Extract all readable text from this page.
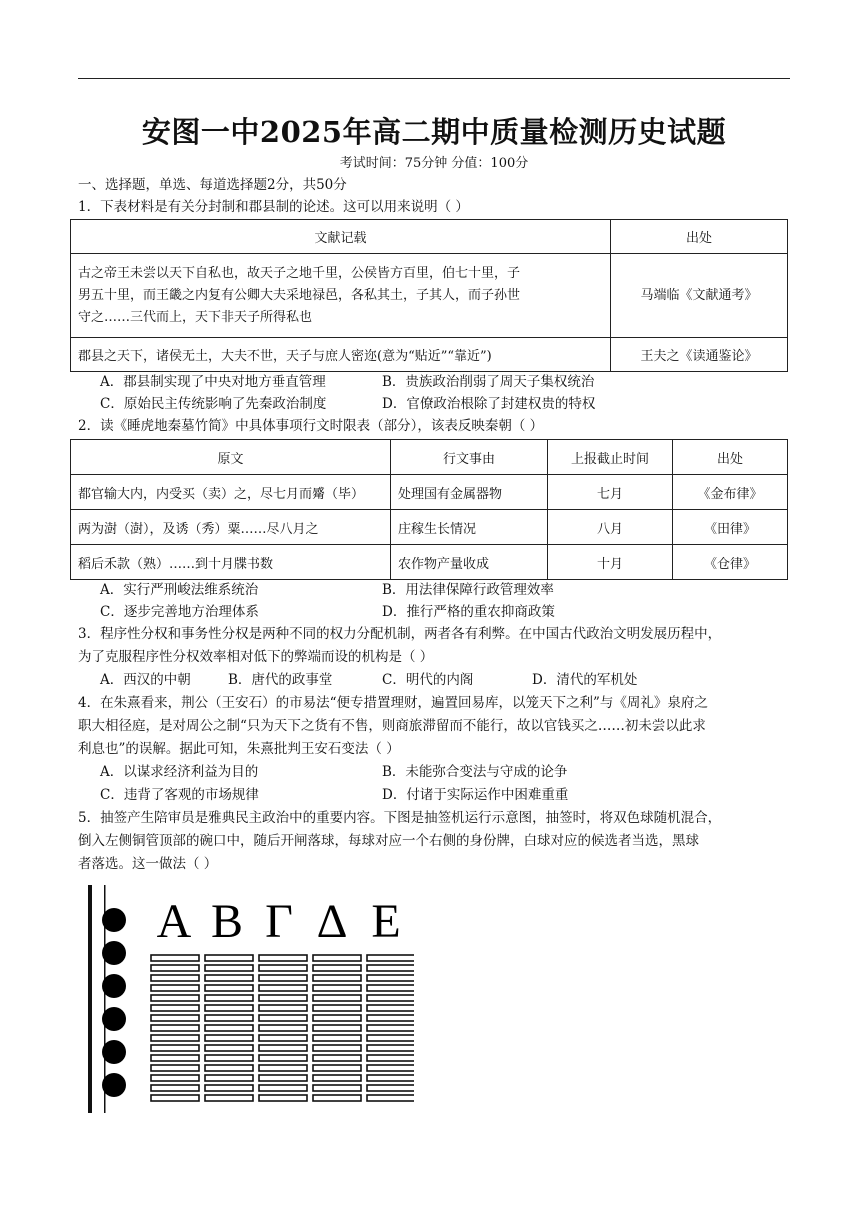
安图一中2025年高二期中质量检测历史试题
考试时间：75分钟 分值：100分
一、选择题，单选、每道选择题2分，共50分
1．下表材料是有关分封制和郡县制的论述。这可以用来说明（ ）
文献记载	出处

古之帝王未尝以天下自私也，故天子之地千里，公侯皆方百里，伯七十里，子
男五十里，而王畿之内复有公卿大夫采地禄邑，各私其土，子其人，而子孙世
守之……三代而上，天下非天子所得私也	马端临《文献通考》

郡县之天下，诸侯无土，大夫不世，天子与庶人密迩(意为“贴近”“靠近”)	王夫之《读通鉴论》
A．郡县制实现了中央对地方垂直管理	B．贵族政治削弱了周天子集权统治
C．原始民主传统影响了先秦政治制度	D．官僚政治根除了封建权贵的特权
2．读《睡虎地秦墓竹简》中具体事项行文时限表（部分），该表反映秦朝（ ）
原文	行文事由	上报截止时间	出处
都官输大内，内受买（卖）之，尽七月而觱（毕）	处理国有金属器物	七月	《金布律》
两为澍（澍），及诱（秀）粟……尽八月之	庄稼生长情况	八月	《田律》
稻后禾款（熟）……到十月牒书数	农作物产量收成	十月	《仓律》
A．实行严刑峻法维系统治	B．用法律保障行政管理效率
C．逐步完善地方治理体系	D．推行严格的重农抑商政策
3．程序性分权和事务性分权是两种不同的权力分配机制，两者各有利弊。在中国古代政治文明发展历程中，
为了克服程序性分权效率相对低下的弊端而设的机构是（ ）
A．西汉的中朝	B．唐代的政事堂	C．明代的内阁	D．清代的军机处
4．在朱熹看来，荆公（王安石）的市易法“便专措置理财，遍置回易库，以笼天下之利”与《周礼》泉府之
职大相径庭，是对周公之制“只为天下之货有不售，则商旅滞留而不能行，故以官钱买之……初未尝以此求
利息也”的误解。据此可知，朱熹批判王安石变法（ ）
A．以谋求经济利益为目的	B．未能弥合变法与守成的论争
C．违背了客观的市场规律	D．付诸于实际运作中困难重重
5．抽签产生陪审员是雅典民主政治中的重要内容。下图是抽签机运行示意图，抽签时，将双色球随机混合，
倒入左侧铜管顶部的碗口中，随后开闸落球，每球对应一个右侧的身份牌，白球对应的候选者当选，黑球
者落选。这一做法（ ）
Α Β Γ Δ Ε
